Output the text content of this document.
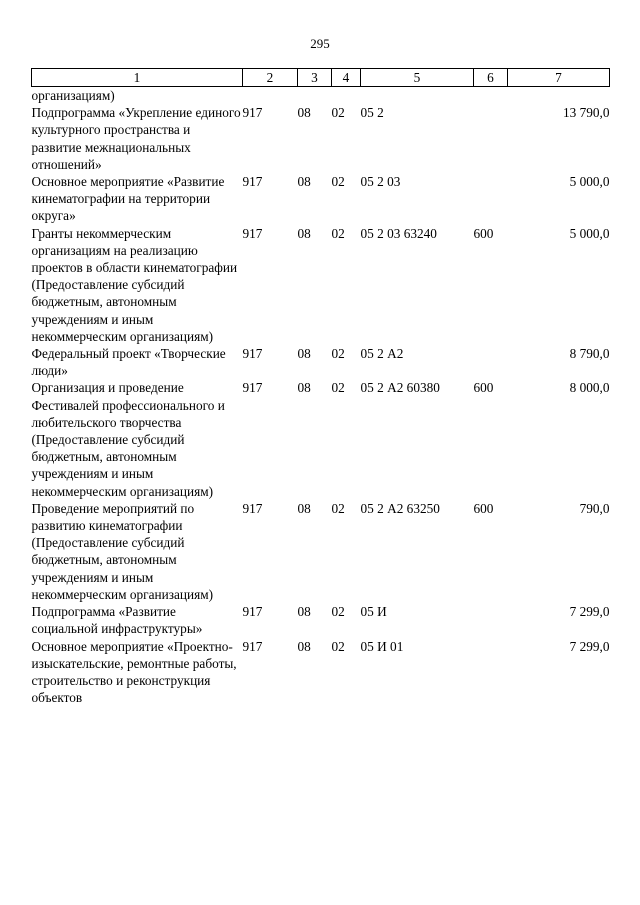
295
1	2	3	4	5	6	7
организациям)						
Подпрограмма «Укрепление единого культурного пространства и развитие межнациональных отношений»	917	08	02	05 2		13 790,0
Основное мероприятие «Развитие кинематографии на территории округа»	917	08	02	05 2 03		5 000,0
Гранты некоммерческим организациям на реализацию проектов в области кинематографии (Предоставление субсидий бюджетным, автономным учреждениям и иным некоммерческим организациям)	917	08	02	05 2 03 63240	600	5 000,0
Федеральный проект «Творческие люди»	917	08	02	05 2 А2		8 790,0
Организация и проведение Фестивалей профессионального и любительского творчества (Предоставление субсидий бюджетным, автономным учреждениям и иным некоммерческим организациям)	917	08	02	05 2 А2 60380	600	8 000,0
Проведение мероприятий по развитию кинематографии (Предоставление субсидий бюджетным, автономным учреждениям и иным некоммерческим организациям)	917	08	02	05 2 А2 63250	600	790,0
Подпрограмма «Развитие социальной инфраструктуры»	917	08	02	05 И		7 299,0
Основное мероприятие «Проектно-изыскательские, ремонтные работы, строительство и реконструкция объектов	917	08	02	05 И 01		7 299,0
